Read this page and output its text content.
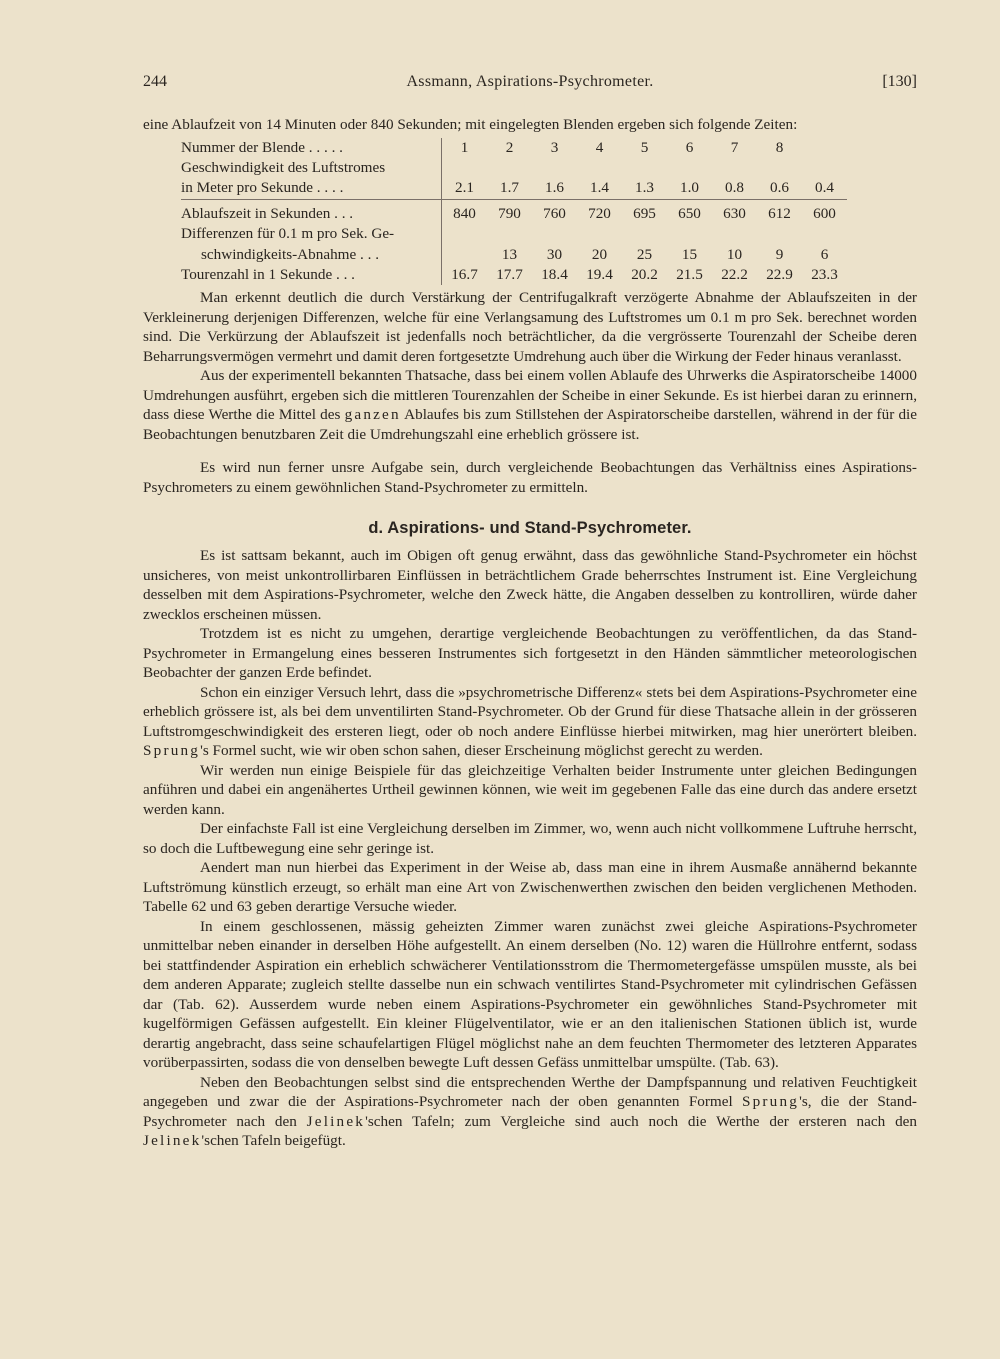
244	Assmann, Aspirations-Psychrometer.	[130]

eine Ablaufzeit von 14 Minuten oder 840 Sekunden; mit eingelegten Blenden ergeben sich folgende Zeiten:

Nummer der Blende . . . . .	1	2	3	4	5	6	7	8	
Geschwindigkeit des Luftstromes									
in Meter pro Sekunde . . . .	2.1	1.7	1.6	1.4	1.3	1.0	0.8	0.6	0.4
Ablaufszeit in Sekunden . . .	840	790	760	720	695	650	630	612	600
Differenzen für 0.1 m pro Sek. Ge-									
schwindigkeits-Abnahme . . .		13	30	20	25	15	10	9	6
Tourenzahl in 1 Sekunde . . .	16.7	17.7	18.4	19.4	20.2	21.5	22.2	22.9	23.3

Man erkennt deutlich die durch Verstärkung der Centrifugalkraft verzögerte Abnahme der Ablaufszeiten in der Verkleinerung derjenigen Differenzen, welche für eine Verlangsamung des Luftstromes um 0.1 m pro Sek. berechnet worden sind. Die Verkürzung der Ablaufszeit ist jedenfalls noch beträchtlicher, da die vergrösserte Tourenzahl der Scheibe deren Beharrungsvermögen vermehrt und damit deren fortgesetzte Umdrehung auch über die Wirkung der Feder hinaus veranlasst.

Aus der experimentell bekannten Thatsache, dass bei einem vollen Ablaufe des Uhrwerks die Aspiratorscheibe 14000 Umdrehungen ausführt, ergeben sich die mittleren Tourenzahlen der Scheibe in einer Sekunde. Es ist hierbei daran zu erinnern, dass diese Werthe die Mittel des ganzen Ablaufes bis zum Stillstehen der Aspiratorscheibe darstellen, während in der für die Beobachtungen benutzbaren Zeit die Umdrehungszahl eine erheblich grössere ist.

Es wird nun ferner unsre Aufgabe sein, durch vergleichende Beobachtungen das Verhältniss eines Aspirations-Psychrometers zu einem gewöhnlichen Stand-Psychrometer zu ermitteln.

d. Aspirations- und Stand-Psychrometer.

Es ist sattsam bekannt, auch im Obigen oft genug erwähnt, dass das gewöhnliche Stand-Psychrometer ein höchst unsicheres, von meist unkontrollirbaren Einflüssen in beträchtlichem Grade beherrschtes Instrument ist. Eine Vergleichung desselben mit dem Aspirations-Psychrometer, welche den Zweck hätte, die Angaben desselben zu kontrolliren, würde daher zwecklos erscheinen müssen.

Trotzdem ist es nicht zu umgehen, derartige vergleichende Beobachtungen zu veröffentlichen, da das Stand-Psychrometer in Ermangelung eines besseren Instrumentes sich fortgesetzt in den Händen sämmtlicher meteorologischen Beobachter der ganzen Erde befindet.

Schon ein einziger Versuch lehrt, dass die »psychrometrische Differenz« stets bei dem Aspirations-Psychrometer eine erheblich grössere ist, als bei dem unventilirten Stand-Psychrometer. Ob der Grund für diese Thatsache allein in der grösseren Luftstromgeschwindigkeit des ersteren liegt, oder ob noch andere Einflüsse hierbei mitwirken, mag hier unerörtert bleiben. Sprung's Formel sucht, wie wir oben schon sahen, dieser Erscheinung möglichst gerecht zu werden.

Wir werden nun einige Beispiele für das gleichzeitige Verhalten beider Instrumente unter gleichen Bedingungen anführen und dabei ein angenähertes Urtheil gewinnen können, wie weit im gegebenen Falle das eine durch das andere ersetzt werden kann.

Der einfachste Fall ist eine Vergleichung derselben im Zimmer, wo, wenn auch nicht vollkommene Luftruhe herrscht, so doch die Luftbewegung eine sehr geringe ist.

Aendert man nun hierbei das Experiment in der Weise ab, dass man eine in ihrem Ausmaße annähernd bekannte Luftströmung künstlich erzeugt, so erhält man eine Art von Zwischenwerthen zwischen den beiden verglichenen Methoden. Tabelle 62 und 63 geben derartige Versuche wieder.

In einem geschlossenen, mässig geheizten Zimmer waren zunächst zwei gleiche Aspirations-Psychrometer unmittelbar neben einander in derselben Höhe aufgestellt. An einem derselben (No. 12) waren die Hüllrohre entfernt, sodass bei stattfindender Aspiration ein erheblich schwächerer Ventilationsstrom die Thermometergefässe umspülen musste, als bei dem anderen Apparate; zugleich stellte dasselbe nun ein schwach ventilirtes Stand-Psychrometer mit cylindrischen Gefässen dar (Tab. 62). Ausserdem wurde neben einem Aspirations-Psychrometer ein gewöhnliches Stand-Psychrometer mit kugelförmigen Gefässen aufgestellt. Ein kleiner Flügelventilator, wie er an den italienischen Stationen üblich ist, wurde derartig angebracht, dass seine schaufelartigen Flügel möglichst nahe an dem feuchten Thermometer des letzteren Apparates vorüberpassirten, sodass die von denselben bewegte Luft dessen Gefäss unmittelbar umspülte. (Tab. 63).

Neben den Beobachtungen selbst sind die entsprechenden Werthe der Dampfspannung und relativen Feuchtigkeit angegeben und zwar die der Aspirations-Psychrometer nach der oben genannten Formel Sprung's, die der Stand-Psychrometer nach den Jelinek'schen Tafeln; zum Vergleiche sind auch noch die Werthe der ersteren nach den Jelinek'schen Tafeln beigefügt.
